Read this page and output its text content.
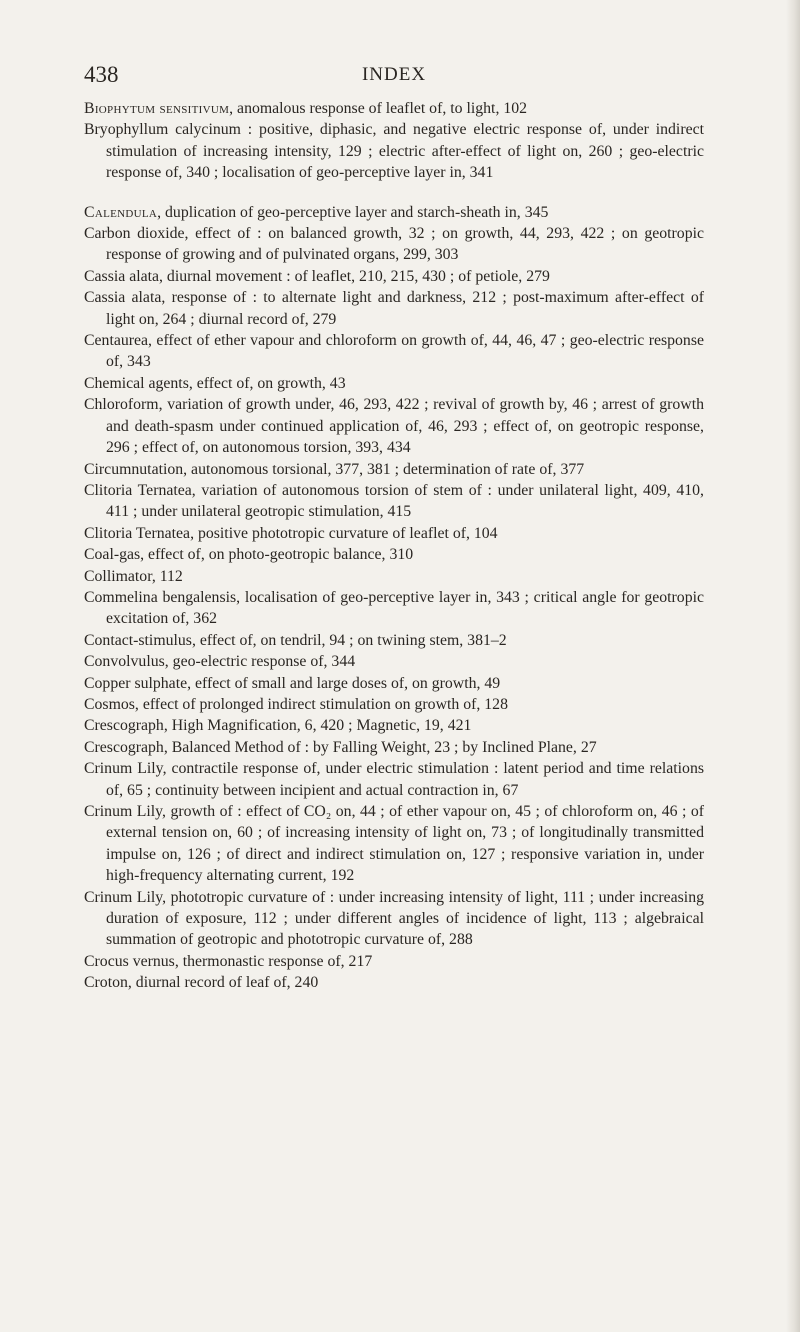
438	INDEX

Biophytum sensitivum, anomalous response of leaflet of, to light, 102

Bryophyllum calycinum : positive, diphasic, and negative electric response of, under indirect stimulation of increasing intensity, 129 ; electric after-effect of light on, 260 ; geo-electric response of, 340 ; localisation of geo-perceptive layer in, 341

Calendula, duplication of geo-perceptive layer and starch-sheath in, 345

Carbon dioxide, effect of : on balanced growth, 32 ; on growth, 44, 293, 422 ; on geotropic response of growing and of pulvinated organs, 299, 303

Cassia alata, diurnal movement : of leaflet, 210, 215, 430 ; of petiole, 279

Cassia alata, response of : to alternate light and darkness, 212 ; post-maximum after-effect of light on, 264 ; diurnal record of, 279

Centaurea, effect of ether vapour and chloroform on growth of, 44, 46, 47 ; geo-electric response of, 343

Chemical agents, effect of, on growth, 43

Chloroform, variation of growth under, 46, 293, 422 ; revival of growth by, 46 ; arrest of growth and death-spasm under continued application of, 46, 293 ; effect of, on geotropic response, 296 ; effect of, on autonomous torsion, 393, 434

Circumnutation, autonomous torsional, 377, 381 ; determination of rate of, 377

Clitoria Ternatea, variation of autonomous torsion of stem of : under unilateral light, 409, 410, 411 ; under unilateral geotropic stimulation, 415

Clitoria Ternatea, positive phototropic curvature of leaflet of, 104

Coal-gas, effect of, on photo-geotropic balance, 310

Collimator, 112

Commelina bengalensis, localisation of geo-perceptive layer in, 343 ; critical angle for geotropic excitation of, 362

Contact-stimulus, effect of, on tendril, 94 ; on twining stem, 381–2

Convolvulus, geo-electric response of, 344

Copper sulphate, effect of small and large doses of, on growth, 49

Cosmos, effect of prolonged indirect stimulation on growth of, 128

Crescograph, High Magnification, 6, 420 ; Magnetic, 19, 421

Crescograph, Balanced Method of : by Falling Weight, 23 ; by Inclined Plane, 27

Crinum Lily, contractile response of, under electric stimulation : latent period and time relations of, 65 ; continuity between incipient and actual contraction in, 67

Crinum Lily, growth of : effect of CO₂ on, 44 ; of ether vapour on, 45 ; of chloroform on, 46 ; of external tension on, 60 ; of increasing intensity of light on, 73 ; of longitudinally transmitted impulse on, 126 ; of direct and indirect stimulation on, 127 ; responsive variation in, under high-frequency alternating current, 192

Crinum Lily, phototropic curvature of : under increasing intensity of light, 111 ; under increasing duration of exposure, 112 ; under different angles of incidence of light, 113 ; algebraical summation of geotropic and phototropic curvature of, 288

Crocus vernus, thermonastic response of, 217

Croton, diurnal record of leaf of, 240
